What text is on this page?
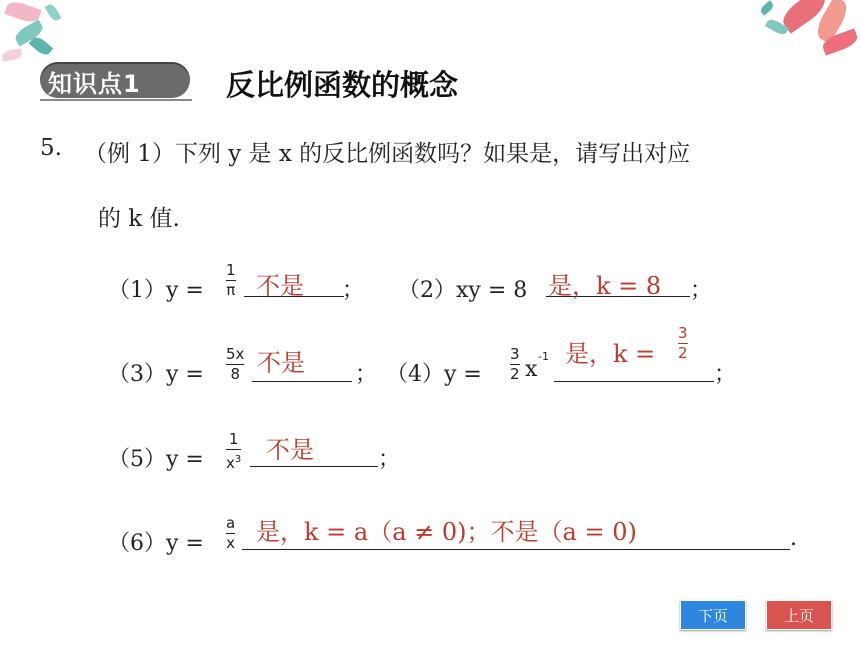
知识点1	反比例函数的概念
5. （例 1）下列 y 是 x 的反比例函数吗？如果是，请写出对应
的 k 值.
（1）y =
1
π 不是 ； （2）xy = 8 是，k = 8 ；
（3）y =
5x
8 不是 ； （4）y =
3
2 x
-1 是，k =
3
2
；
（5）y =
1
$x^3$ 不是	；
（6）y =
a
x 是，k = a（a ≠ 0)；不是（a = 0)	.
下页	上页
